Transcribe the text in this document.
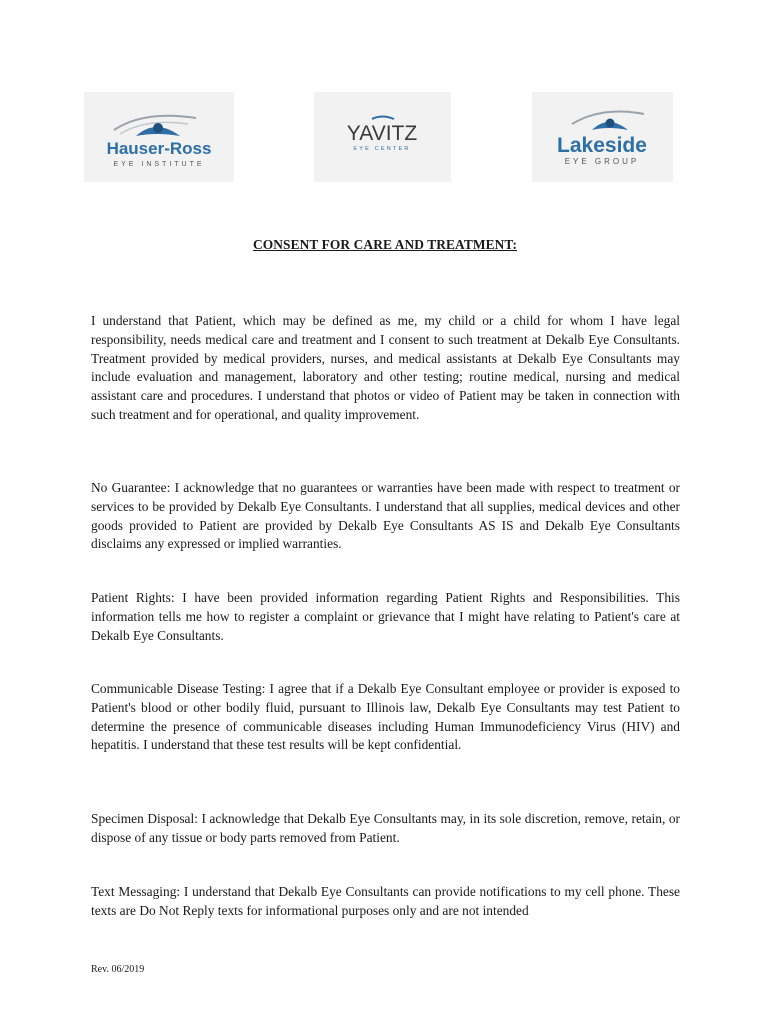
Hauser-Ross
EYE INSTITUTE
YAVITZ
EYE CENTER	Lakeside
EYE GROUP
CONSENT FOR CARE AND TREATMENT:

I understand that Patient, which may be defined as me, my child or a child for whom I have legal responsibility, needs medical care and treatment and I consent to such treatment at Dekalb Eye Consultants. Treatment provided by medical providers, nurses, and medical assistants at Dekalb Eye Consultants may include evaluation and management, laboratory and other testing; routine medical, nursing and medical assistant care and procedures. I understand that photos or video of Patient may be taken in connection with such treatment and for operational, and quality improvement.

No Guarantee: I acknowledge that no guarantees or warranties have been made with respect to treatment or services to be provided by Dekalb Eye Consultants. I understand that all supplies, medical devices and other goods provided to Patient are provided by Dekalb Eye Consultants AS IS and Dekalb Eye Consultants disclaims any expressed or implied warranties.

Patient Rights: I have been provided information regarding Patient Rights and Responsibilities. This information tells me how to register a complaint or grievance that I might have relating to Patient's care at Dekalb Eye Consultants.

Communicable Disease Testing: I agree that if a Dekalb Eye Consultant employee or provider is exposed to Patient's blood or other bodily fluid, pursuant to Illinois law, Dekalb Eye Consultants may test Patient to determine the presence of communicable diseases including Human Immunodeficiency Virus (HIV) and hepatitis. I understand that these test results will be kept confidential.

Specimen Disposal: I acknowledge that Dekalb Eye Consultants may, in its sole discretion, remove, retain, or dispose of any tissue or body parts removed from Patient.

Text Messaging: I understand that Dekalb Eye Consultants can provide notifications to my cell phone. These texts are Do Not Reply texts for informational purposes only and are not intended

Rev. 06/2019
